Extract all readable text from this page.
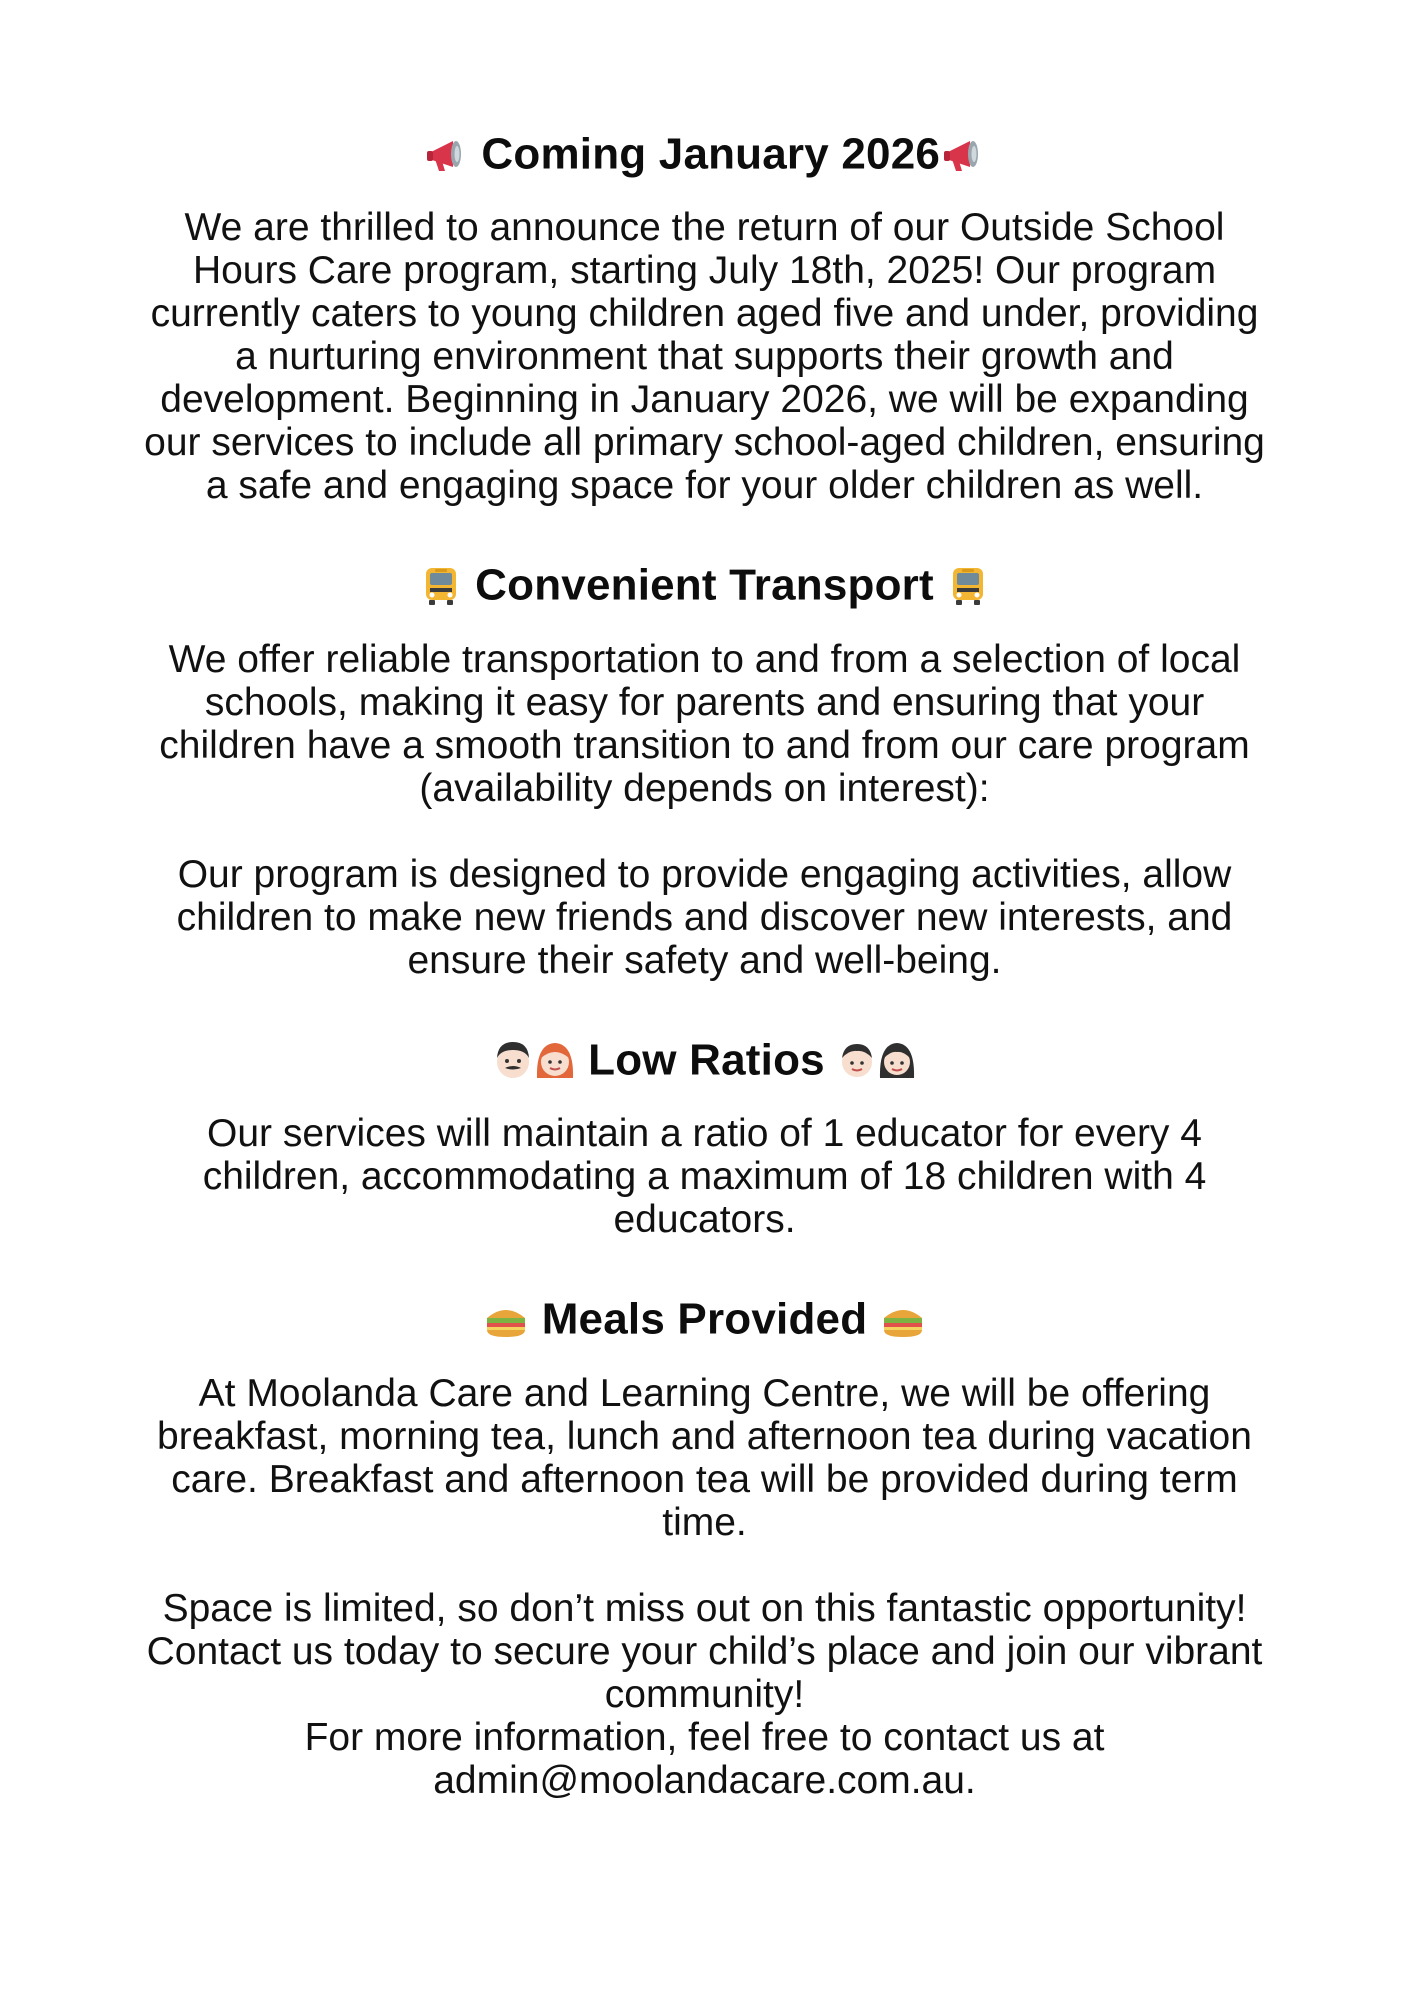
Coming January 2026

We are thrilled to announce the return of our Outside School Hours Care program, starting July 18th, 2025! Our program currently caters to young children aged five and under, providing a nurturing environment that supports their growth and development. Beginning in January 2026, we will be expanding our services to include all primary school-aged children, ensuring a safe and engaging space for your older children as well.

Convenient Transport

We offer reliable transportation to and from a selection of local schools, making it easy for parents and ensuring that your children have a smooth transition to and from our care program (availability depends on interest):

Our program is designed to provide engaging activities, allow children to make new friends and discover new interests, and ensure their safety and well-being.

Low Ratios

Our services will maintain a ratio of 1 educator for every 4 children, accommodating a maximum of 18 children with 4 educators.

Meals Provided

At Moolanda Care and Learning Centre, we will be offering breakfast, morning tea, lunch and afternoon tea during vacation care. Breakfast and afternoon tea will be provided during term time.

Space is limited, so don’t miss out on this fantastic opportunity! Contact us today to secure your child’s place and join our vibrant community!

For more information, feel free to contact us at admin@moolandacare.com.au.
